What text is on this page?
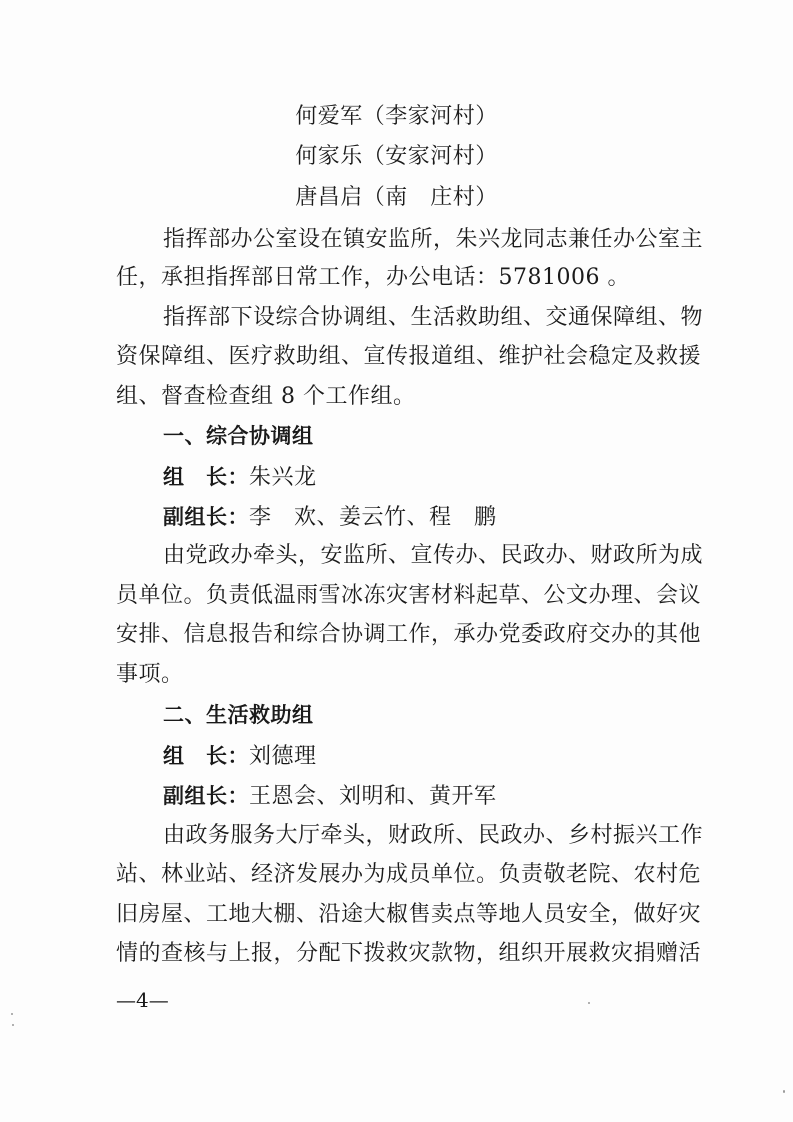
何爱军（李家河村）
何家乐（安家河村）
唐昌启（南　庄村）
指挥部办公室设在镇安监所，朱兴龙同志兼任办公室主
任，承担指挥部日常工作，办公电话：5781006 。
指挥部下设综合协调组、生活救助组、交通保障组、物
资保障组、医疗救助组、宣传报道组、维护社会稳定及救援
组、督查检查组 8 个工作组。
一、综合协调组
组　长：朱兴龙
副组长：李　欢、姜云竹、程　鹏
由党政办牵头，安监所、宣传办、民政办、财政所为成
员单位。负责低温雨雪冰冻灾害材料起草、公文办理、会议
安排、信息报告和综合协调工作，承办党委政府交办的其他
事项。
二、生活救助组
组　长：刘德理
副组长：王恩会、刘明和、黄开军
由政务服务大厅牵头，财政所、民政办、乡村振兴工作
站、林业站、经济发展办为成员单位。负责敬老院、农村危
旧房屋、工地大棚、沿途大椒售卖点等地人员安全，做好灾
情的查核与上报，分配下拨救灾款物，组织开展救灾捐赠活
—4—
